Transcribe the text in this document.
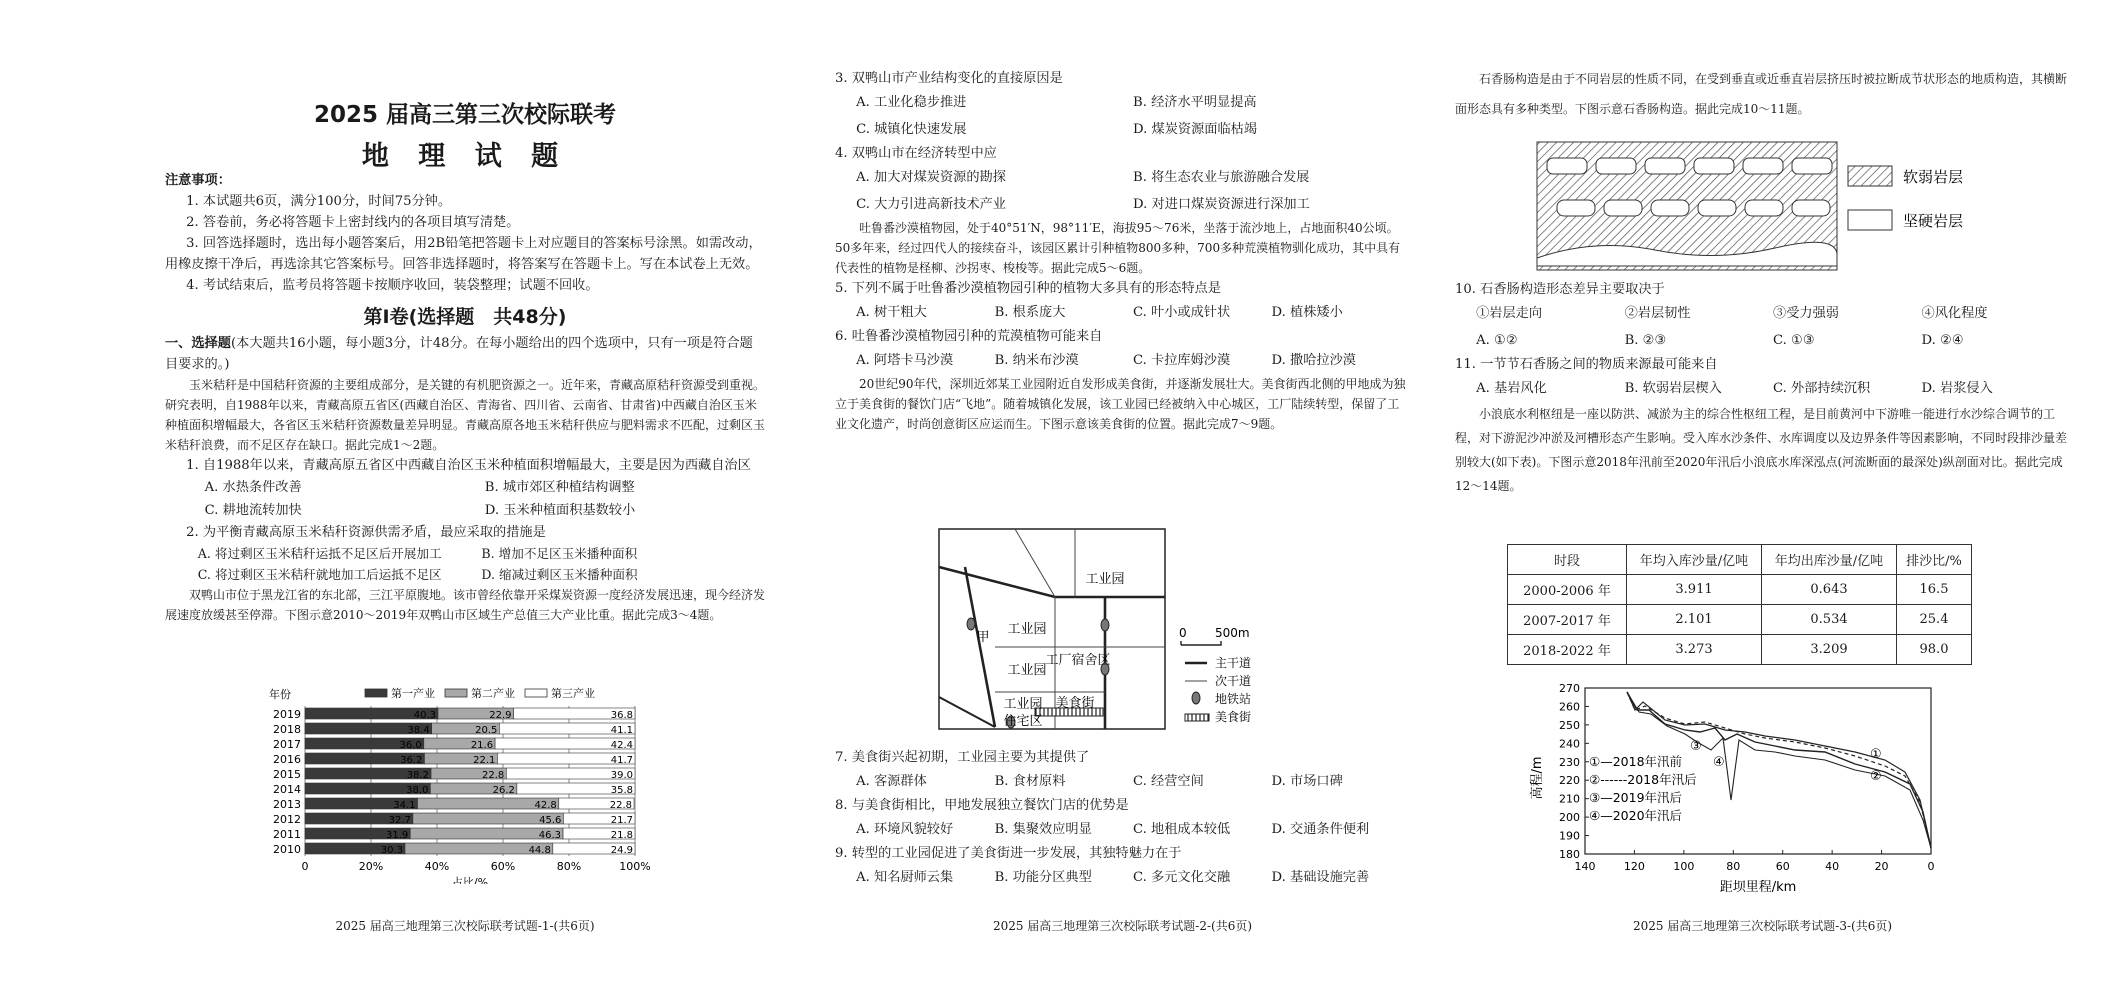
2025 届高三第三次校际联考
地 理 试 题

注意事项：

1. 本试题共6页，满分100分，时间75分钟。

2. 答卷前，务必将答题卡上密封线内的各项目填写清楚。

3. 回答选择题时，选出每小题答案后，用2B铅笔把答题卡上对应题目的答案标号涂黑。如需改动，用橡皮擦干净后，再选涂其它答案标号。回答非选择题时，将答案写在答题卡上。写在本试卷上无效。

4. 考试结束后，监考员将答题卡按顺序收回，装袋整理；试题不回收。

第Ⅰ卷(选择题　共48分)

一、选择题(本大题共16小题，每小题3分，计48分。在每小题给出的四个选项中，只有一项是符合题目要求的。)

玉米秸秆是中国秸秆资源的主要组成部分，是关键的有机肥资源之一。近年来，青藏高原秸秆资源受到重视。研究表明，自1988年以来，青藏高原五省区(西藏自治区、青海省、四川省、云南省、甘肃省)中西藏自治区玉米种植面积增幅最大，各省区玉米秸秆资源数量差异明显。青藏高原各地玉米秸秆供应与肥料需求不匹配，过剩区玉米秸秆浪费，而不足区存在缺口。据此完成1～2题。

1. 自1988年以来，青藏高原五省区中西藏自治区玉米种植面积增幅最大，主要是因为西藏自治区

A. 水热条件改善	B. 城市郊区种植结构调整
C. 耕地流转加快	D. 玉米种植面积基数较小

2. 为平衡青藏高原玉米秸秆资源供需矛盾，最应采取的措施是

A. 将过剩区玉米秸秆运抵不足区后开展加工	B. 增加不足区玉米播种面积
C. 将过剩区玉米秸秆就地加工后运抵不足区	D. 缩减过剩区玉米播种面积

双鸭山市位于黑龙江省的东北部，三江平原腹地。该市曾经依靠开采煤炭资源一度经济发展迅速，现今经济发展速度放缓甚至停滞。下图示意2010～2019年双鸭山市区域生产总值三大产业比重。据此完成3～4题。

年份	第一产业	第二产业	第三产业
0	20%	40%	60%	80%	100%
2019	40.3	22.9	36.8
2018	38.4	20.5	41.1
2017	36.0	21.6	42.4
2016	36.2	22.1	41.7
2015	38.2	22.8	39.0
2014	38.0	26.2	35.8
2013	34.1	42.8	22.8
2012	32.7	45.6	21.7
2011	31.9	46.3	21.8
2010	30.3	44.8	24.9
占比/%
2025 届高三地理第三次校际联考试题-1-(共6页)

3. 双鸭山市产业结构变化的直接原因是

A. 工业化稳步推进	B. 经济水平明显提高
C. 城镇化快速发展	D. 煤炭资源面临枯竭

4. 双鸭山市在经济转型中应

A. 加大对煤炭资源的勘探	B. 将生态农业与旅游融合发展
C. 大力引进高新技术产业	D. 对进口煤炭资源进行深加工

吐鲁番沙漠植物园，处于40°51′N，98°11′E，海拔95～76米，坐落于流沙地上，占地面积40公顷。50多年来，经过四代人的接续奋斗，该园区累计引种植物800多种，700多种荒漠植物驯化成功，其中具有代表性的植物是柽柳、沙拐枣、梭梭等。据此完成5～6题。

5. 下列不属于吐鲁番沙漠植物园引种的植物大多具有的形态特点是

A. 树干粗大	B. 根系庞大	C. 叶小或成针状	D. 植株矮小

6. 吐鲁番沙漠植物园引种的荒漠植物可能来自

A. 阿塔卡马沙漠	B. 纳米布沙漠	C. 卡拉库姆沙漠	D. 撒哈拉沙漠

20世纪90年代，深圳近郊某工业园附近自发形成美食街，并逐渐发展壮大。美食街西北侧的甲地成为独立于美食街的餐饮门店“飞地”。随着城镇化发展，该工业园已经被纳入中心城区，工厂陆续转型，保留了工业文化遗产，时尚创意街区应运而生。下图示意该美食街的位置。据此完成7～9题。

工业园
工业园
工业园
工厂宿舍区
工业园 美食街
住宅区
甲	0 500m
主干道
次干道
地铁站
美食街

7. 美食街兴起初期，工业园主要为其提供了

A. 客源群体	B. 食材原料	C. 经营空间	D. 市场口碑

8. 与美食街相比，甲地发展独立餐饮门店的优势是

A. 环境风貌较好	B. 集聚效应明显	C. 地租成本较低	D. 交通条件便利

9. 转型的工业园促进了美食街进一步发展，其独特魅力在于

A. 知名厨师云集	B. 功能分区典型	C. 多元文化交融	D. 基础设施完善
2025 届高三地理第三次校际联考试题-2-(共6页)

石香肠构造是由于不同岩层的性质不同，在受到垂直或近垂直岩层挤压时被拉断成节状形态的地质构造，其横断面形态具有多种类型。下图示意石香肠构造。据此完成10～11题。

软弱岩层
坚硬岩层

10. 石香肠构造形态差异主要取决于

①岩层走向	②岩层韧性	③受力强弱	④风化程度
A. ①②	B. ②③	C. ①③	D. ②④

11. 一节节石香肠之间的物质来源最可能来自

A. 基岩风化	B. 软弱岩层楔入	C. 外部持续沉积	D. 岩浆侵入

小浪底水利枢纽是一座以防洪、减淤为主的综合性枢纽工程，是目前黄河中下游唯一能进行水沙综合调节的工程，对下游泥沙冲淤及河槽形态产生影响。受入库水沙条件、水库调度以及边界条件等因素影响，不同时段排沙量差别较大(如下表)。下图示意2018年汛前至2020年汛后小浪底水库深泓点(河流断面的最深处)纵剖面对比。据此完成12～14题。

时段	年均入库沙量/亿吨	年均出库沙量/亿吨	排沙比/%
2000-2006 年	3.911	0.643	16.5
2007-2017 年	2.101	0.534	25.4
2018-2022 年	3.273	3.209	98.0
270
260
250
240
230
220
210
200
190
180
140	120	100	80	60	40	20	0
高程/m
距坝里程/km
①
②
③
④
①—2018年汛前
②------2018年汛后
③—2019年汛后
④—2020年汛后
2025 届高三地理第三次校际联考试题-3-(共6页)
